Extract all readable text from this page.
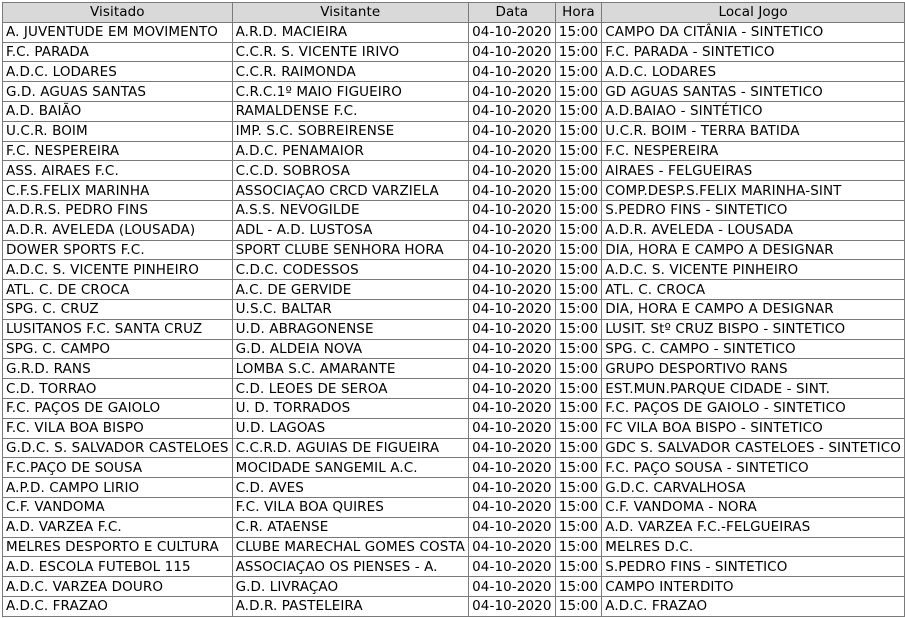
Visitado	Visitante	Data	Hora	Local Jogo
A. JUVENTUDE EM MOVIMENTO	A.R.D. MACIEIRA	04-10-2020	15:00	CAMPO DA CITÂNIA - SINTETICO
F.C. PARADA	C.C.R. S. VICENTE IRIVO	04-10-2020	15:00	F.C. PARADA - SINTETICO
A.D.C. LODARES	C.C.R. RAIMONDA	04-10-2020	15:00	A.D.C. LODARES
G.D. AGUAS SANTAS	C.R.C.1º MAIO FIGUEIRO	04-10-2020	15:00	GD AGUAS SANTAS - SINTETICO
A.D. BAIÃO	RAMALDENSE F.C.	04-10-2020	15:00	A.D.BAIAO - SINTÉTICO
U.C.R. BOIM	IMP. S.C. SOBREIRENSE	04-10-2020	15:00	U.C.R. BOIM - TERRA BATIDA
F.C. NESPEREIRA	A.D.C. PENAMAIOR	04-10-2020	15:00	F.C. NESPEREIRA
ASS. AIRAES F.C.	C.C.D. SOBROSA	04-10-2020	15:00	AIRAES - FELGUEIRAS
C.F.S.FELIX MARINHA	ASSOCIAÇAO CRCD VARZIELA	04-10-2020	15:00	COMP.DESP.S.FELIX MARINHA-SINT
A.D.R.S. PEDRO FINS	A.S.S. NEVOGILDE	04-10-2020	15:00	S.PEDRO FINS - SINTETICO
A.D.R. AVELEDA (LOUSADA)	ADL - A.D. LUSTOSA	04-10-2020	15:00	A.D.R. AVELEDA - LOUSADA
DOWER SPORTS F.C.	SPORT CLUBE SENHORA HORA	04-10-2020	15:00	DIA, HORA E CAMPO A DESIGNAR
A.D.C. S. VICENTE PINHEIRO	C.D.C. CODESSOS	04-10-2020	15:00	A.D.C. S. VICENTE PINHEIRO
ATL. C. DE CROCA	A.C. DE GERVIDE	04-10-2020	15:00	ATL. C. CROCA
SPG. C. CRUZ	U.S.C. BALTAR	04-10-2020	15:00	DIA, HORA E CAMPO A DESIGNAR
LUSITANOS F.C. SANTA CRUZ	U.D. ABRAGONENSE	04-10-2020	15:00	LUSIT. Stº CRUZ BISPO - SINTETICO
SPG. C. CAMPO	G.D. ALDEIA NOVA	04-10-2020	15:00	SPG. C. CAMPO - SINTETICO
G.R.D. RANS	LOMBA S.C. AMARANTE	04-10-2020	15:00	GRUPO DESPORTIVO RANS
C.D. TORRAO	C.D. LEOES DE SEROA	04-10-2020	15:00	EST.MUN.PARQUE CIDADE - SINT.
F.C. PAÇOS DE GAIOLO	U. D. TORRADOS	04-10-2020	15:00	F.C. PAÇOS DE GAIOLO - SINTETICO
F.C. VILA BOA BISPO	U.D. LAGOAS	04-10-2020	15:00	FC VILA BOA BISPO - SINTETICO
G.D.C. S. SALVADOR CASTELOES	C.C.R.D. AGUIAS DE FIGUEIRA	04-10-2020	15:00	GDC S. SALVADOR CASTELOES - SINTETICO
F.C.PAÇO DE SOUSA	MOCIDADE SANGEMIL A.C.	04-10-2020	15:00	F.C. PAÇO SOUSA - SINTETICO
A.P.D. CAMPO LIRIO	C.D. AVES	04-10-2020	15:00	G.D.C. CARVALHOSA
C.F. VANDOMA	F.C. VILA BOA QUIRES	04-10-2020	15:00	C.F. VANDOMA - NORA
A.D. VARZEA F.C.	C.R. ATAENSE	04-10-2020	15:00	A.D. VARZEA F.C.-FELGUEIRAS
MELRES DESPORTO E CULTURA	CLUBE MARECHAL GOMES COSTA	04-10-2020	15:00	MELRES D.C.
A.D. ESCOLA FUTEBOL 115	ASSOCIAÇAO OS PIENSES - A.	04-10-2020	15:00	S.PEDRO FINS - SINTETICO
A.D.C. VARZEA DOURO	G.D. LIVRAÇAO	04-10-2020	15:00	CAMPO INTERDITO
A.D.C. FRAZAO	A.D.R. PASTELEIRA	04-10-2020	15:00	A.D.C. FRAZAO
